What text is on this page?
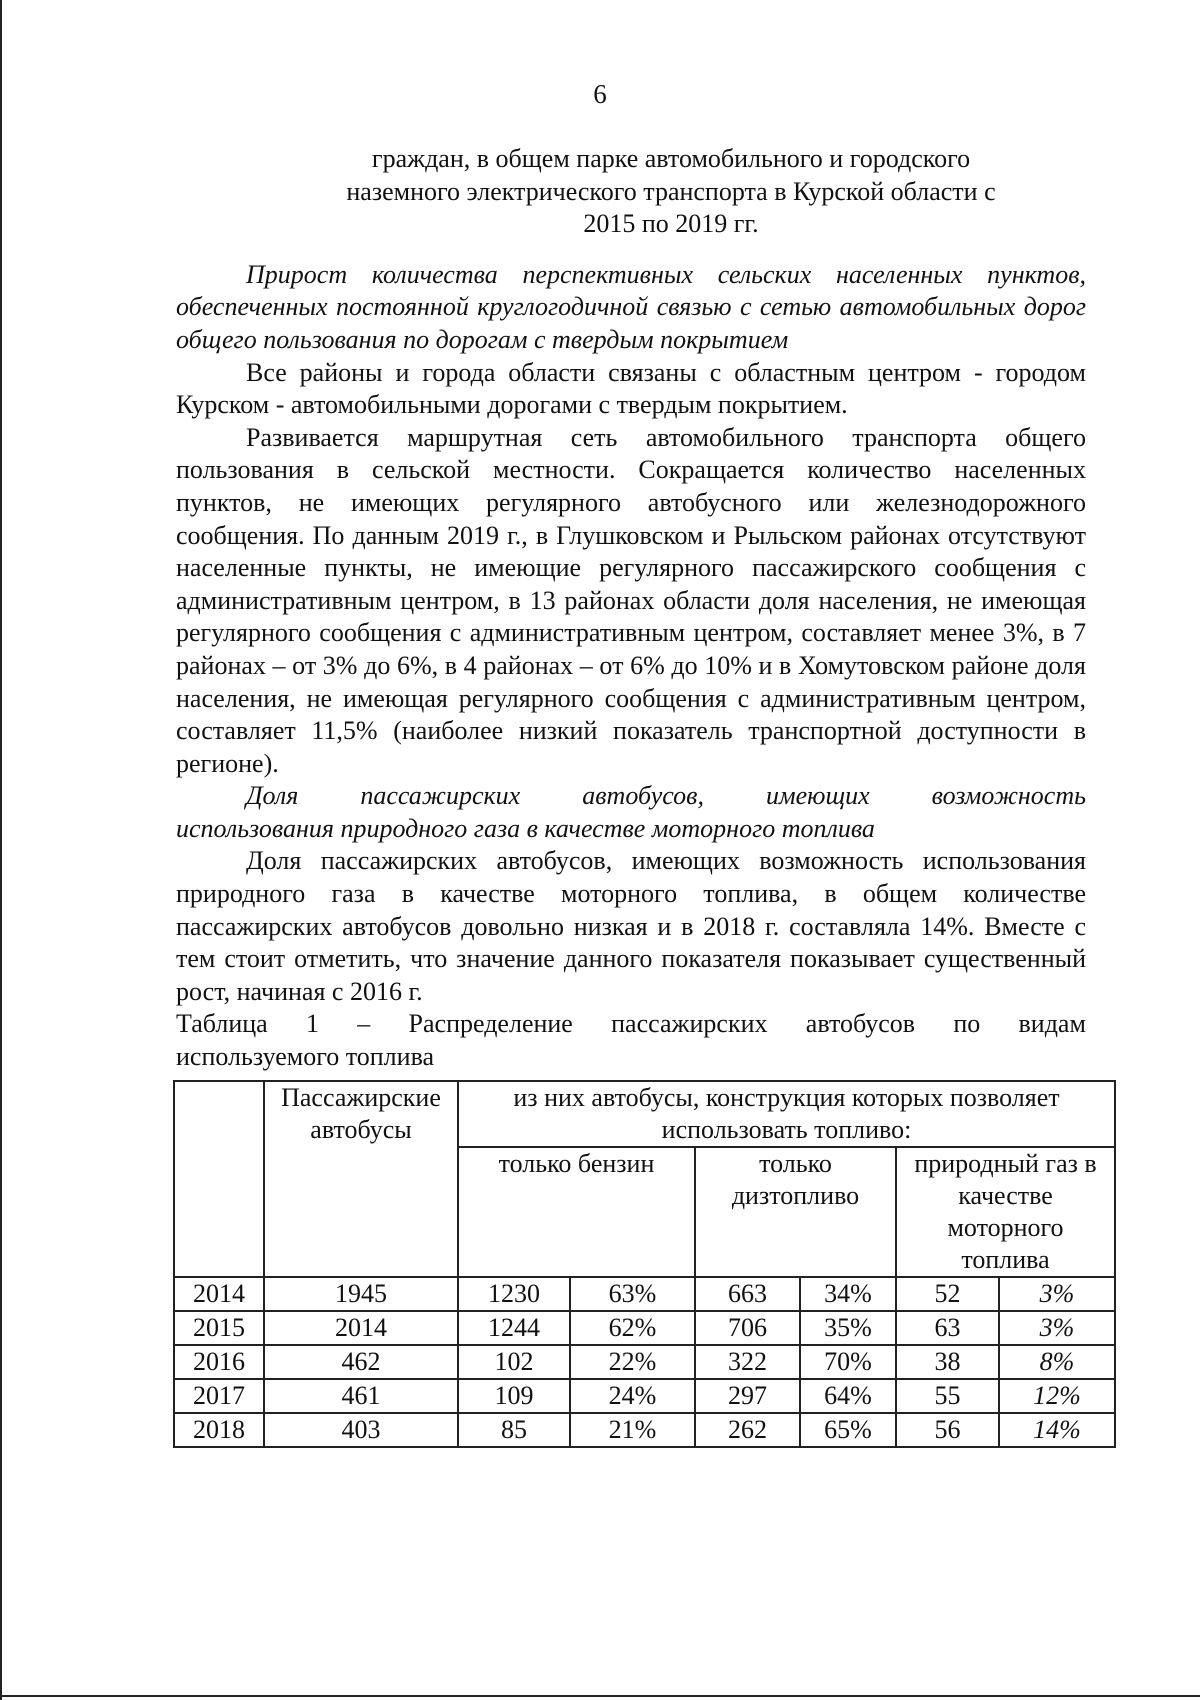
6
граждан, в общем парке автомобильного и городского
наземного электрического транспорта в Курской области с
2015 по 2019 гг.

Прирост количества перспективных сельских населенных пунктов, обеспеченных постоянной круглогодичной связью с сетью автомобильных дорог общего пользования по дорогам с твердым покрытием

Все районы и города области связаны с областным центром - городом Курском - автомобильными дорогами с твердым покрытием.

Развивается маршрутная сеть автомобильного транспорта общего пользования в сельской местности. Сокращается количество населенных пунктов, не имеющих регулярного автобусного или железнодорожного сообщения. По данным 2019 г., в Глушковском и Рыльском районах отсутствуют населенные пункты, не имеющие регулярного пассажирского сообщения с административным центром, в 13 районах области доля населения, не имеющая регулярного сообщения с административным центром, составляет менее 3%, в 7 районах – от 3% до 6%, в 4 районах – от 6% до 10% и в Хомутовском районе доля населения, не имеющая регулярного сообщения с административным центром, составляет 11,5% (наиболее низкий показатель транспортной доступности в регионе).

Доля пассажирских автобусов, имеющих возможность
использования природного газа в качестве моторного топлива

Доля пассажирских автобусов, имеющих возможность использования природного газа в качестве моторного топлива, в общем количестве пассажирских автобусов довольно низкая и в 2018 г. составляла 14%. Вместе с тем стоит отметить, что значение данного показателя показывает существенный рост, начиная с 2016 г.

Таблица 1 – Распределение пассажирских автобусов по видам
используемого топлива
	Пассажирские автобусы	из них автобусы, конструкция которых позволяет использовать топливо:					
		только бензин		только дизтопливо		природный газ в качестве моторного топлива	
2014	1945	1230	63%	663	34%	52	3%
2015	2014	1244	62%	706	35%	63	3%
2016	462	102	22%	322	70%	38	8%
2017	461	109	24%	297	64%	55	12%
2018	403	85	21%	262	65%	56	14%
